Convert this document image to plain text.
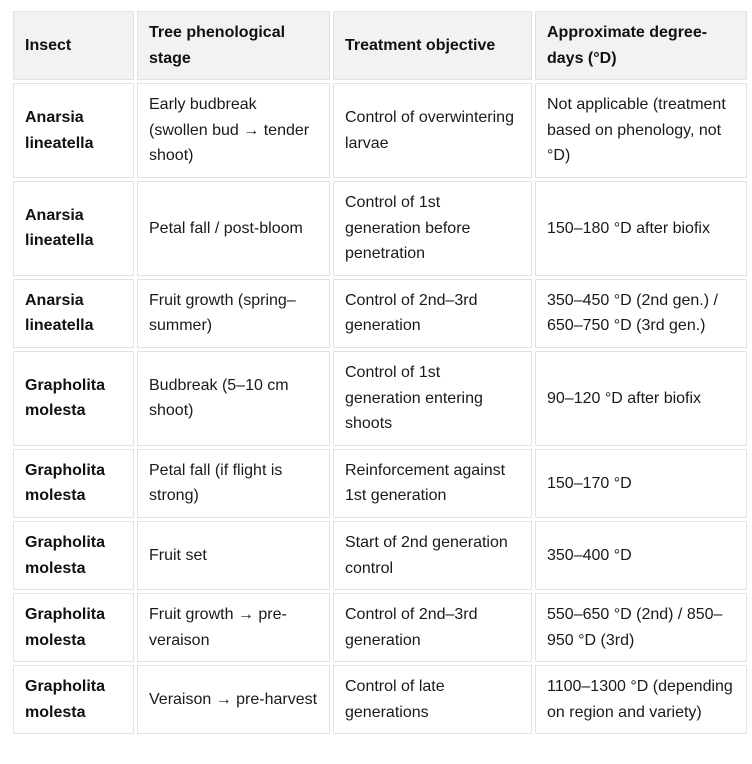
Insect	Tree phenological stage	Treatment objective	Approximate degree-days (°D)
Anarsia lineatella	Early budbreak (swollen bud → tender shoot)	Control of overwintering larvae	Not applicable (treatment based on phenology, not °D)
Anarsia lineatella	Petal fall / post-bloom	Control of 1st generation before penetration	150–180 °D after biofix
Anarsia lineatella	Fruit growth (spring–summer)	Control of 2nd–3rd generation	350–450 °D (2nd gen.) / 650–750 °D (3rd gen.)
Grapholita molesta	Budbreak (5–10 cm shoot)	Control of 1st generation entering shoots	90–120 °D after biofix
Grapholita molesta	Petal fall (if flight is strong)	Reinforcement against 1st generation	150–170 °D
Grapholita molesta	Fruit set	Start of 2nd generation control	350–400 °D
Grapholita molesta	Fruit growth → pre-veraison	Control of 2nd–3rd generation	550–650 °D (2nd) / 850–950 °D (3rd)
Grapholita molesta	Veraison → pre-harvest	Control of late generations	1100–1300 °D (depending on region and variety)
